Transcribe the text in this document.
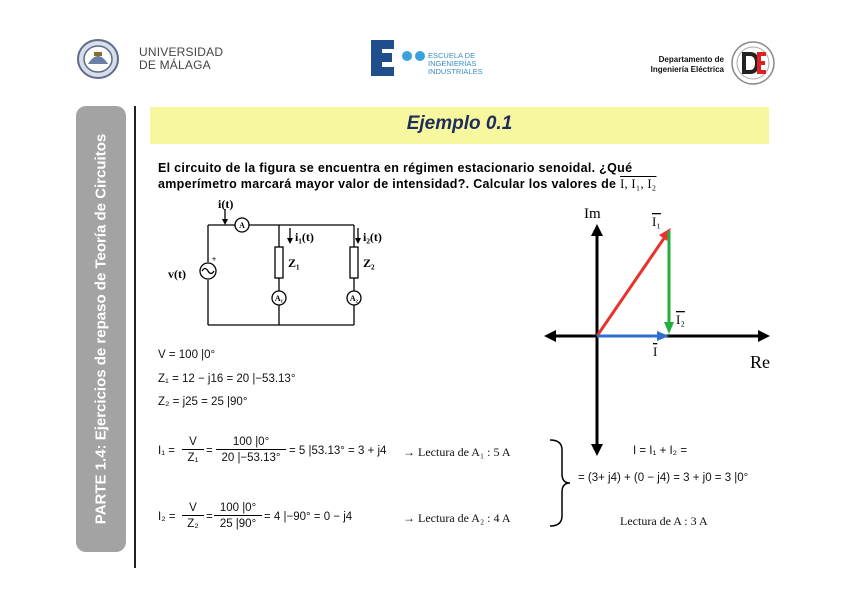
UNIVERSIDAD
DE MÁLAGA
ESCUELA DE
INGENIERÍAS
INDUSTRIALES
Departamento de
Ingeniería Eléctrica
PARTE 1.4: Ejercicios de repaso de Teoría de Circuitos
Ejemplo 0.1
El circuito de la figura se encuentra en régimen estacionario senoidal. ¿Qué
amperímetro marcará mayor valor de intensidad?. Calcular los valores de I, I₁, I₂
i(t)
i₁(t)	i₂(t)
v(t)
Z₁	Z₂
A
A₁	A₂
+
Im
Re
I₁
I₂
I
V = 100 |0°
Z₁ = 12 − j16 = 20 |−53.13°
Z₂ = j25 = 25 |90°
$I_1 = \frac{V}{\text{Z₁}} = \frac{100 |0^\circ}{20 |-53.13^\circ} = 5$ |53.13° = 3 + j4 → Lectura de A₁ : 5 A
$I_2 = \frac{V}{\text{Z₂}} = \frac{100 |0^\circ}{25 |90^\circ} = 4$ |−90° = 0 − j4	→ Lectura de A₂ : 4 A
I = I₁ + I₂ =
= (3+ j4) + (0 − j4) = 3 + j0 = 3 |0°
Lectura de A : 3 A
